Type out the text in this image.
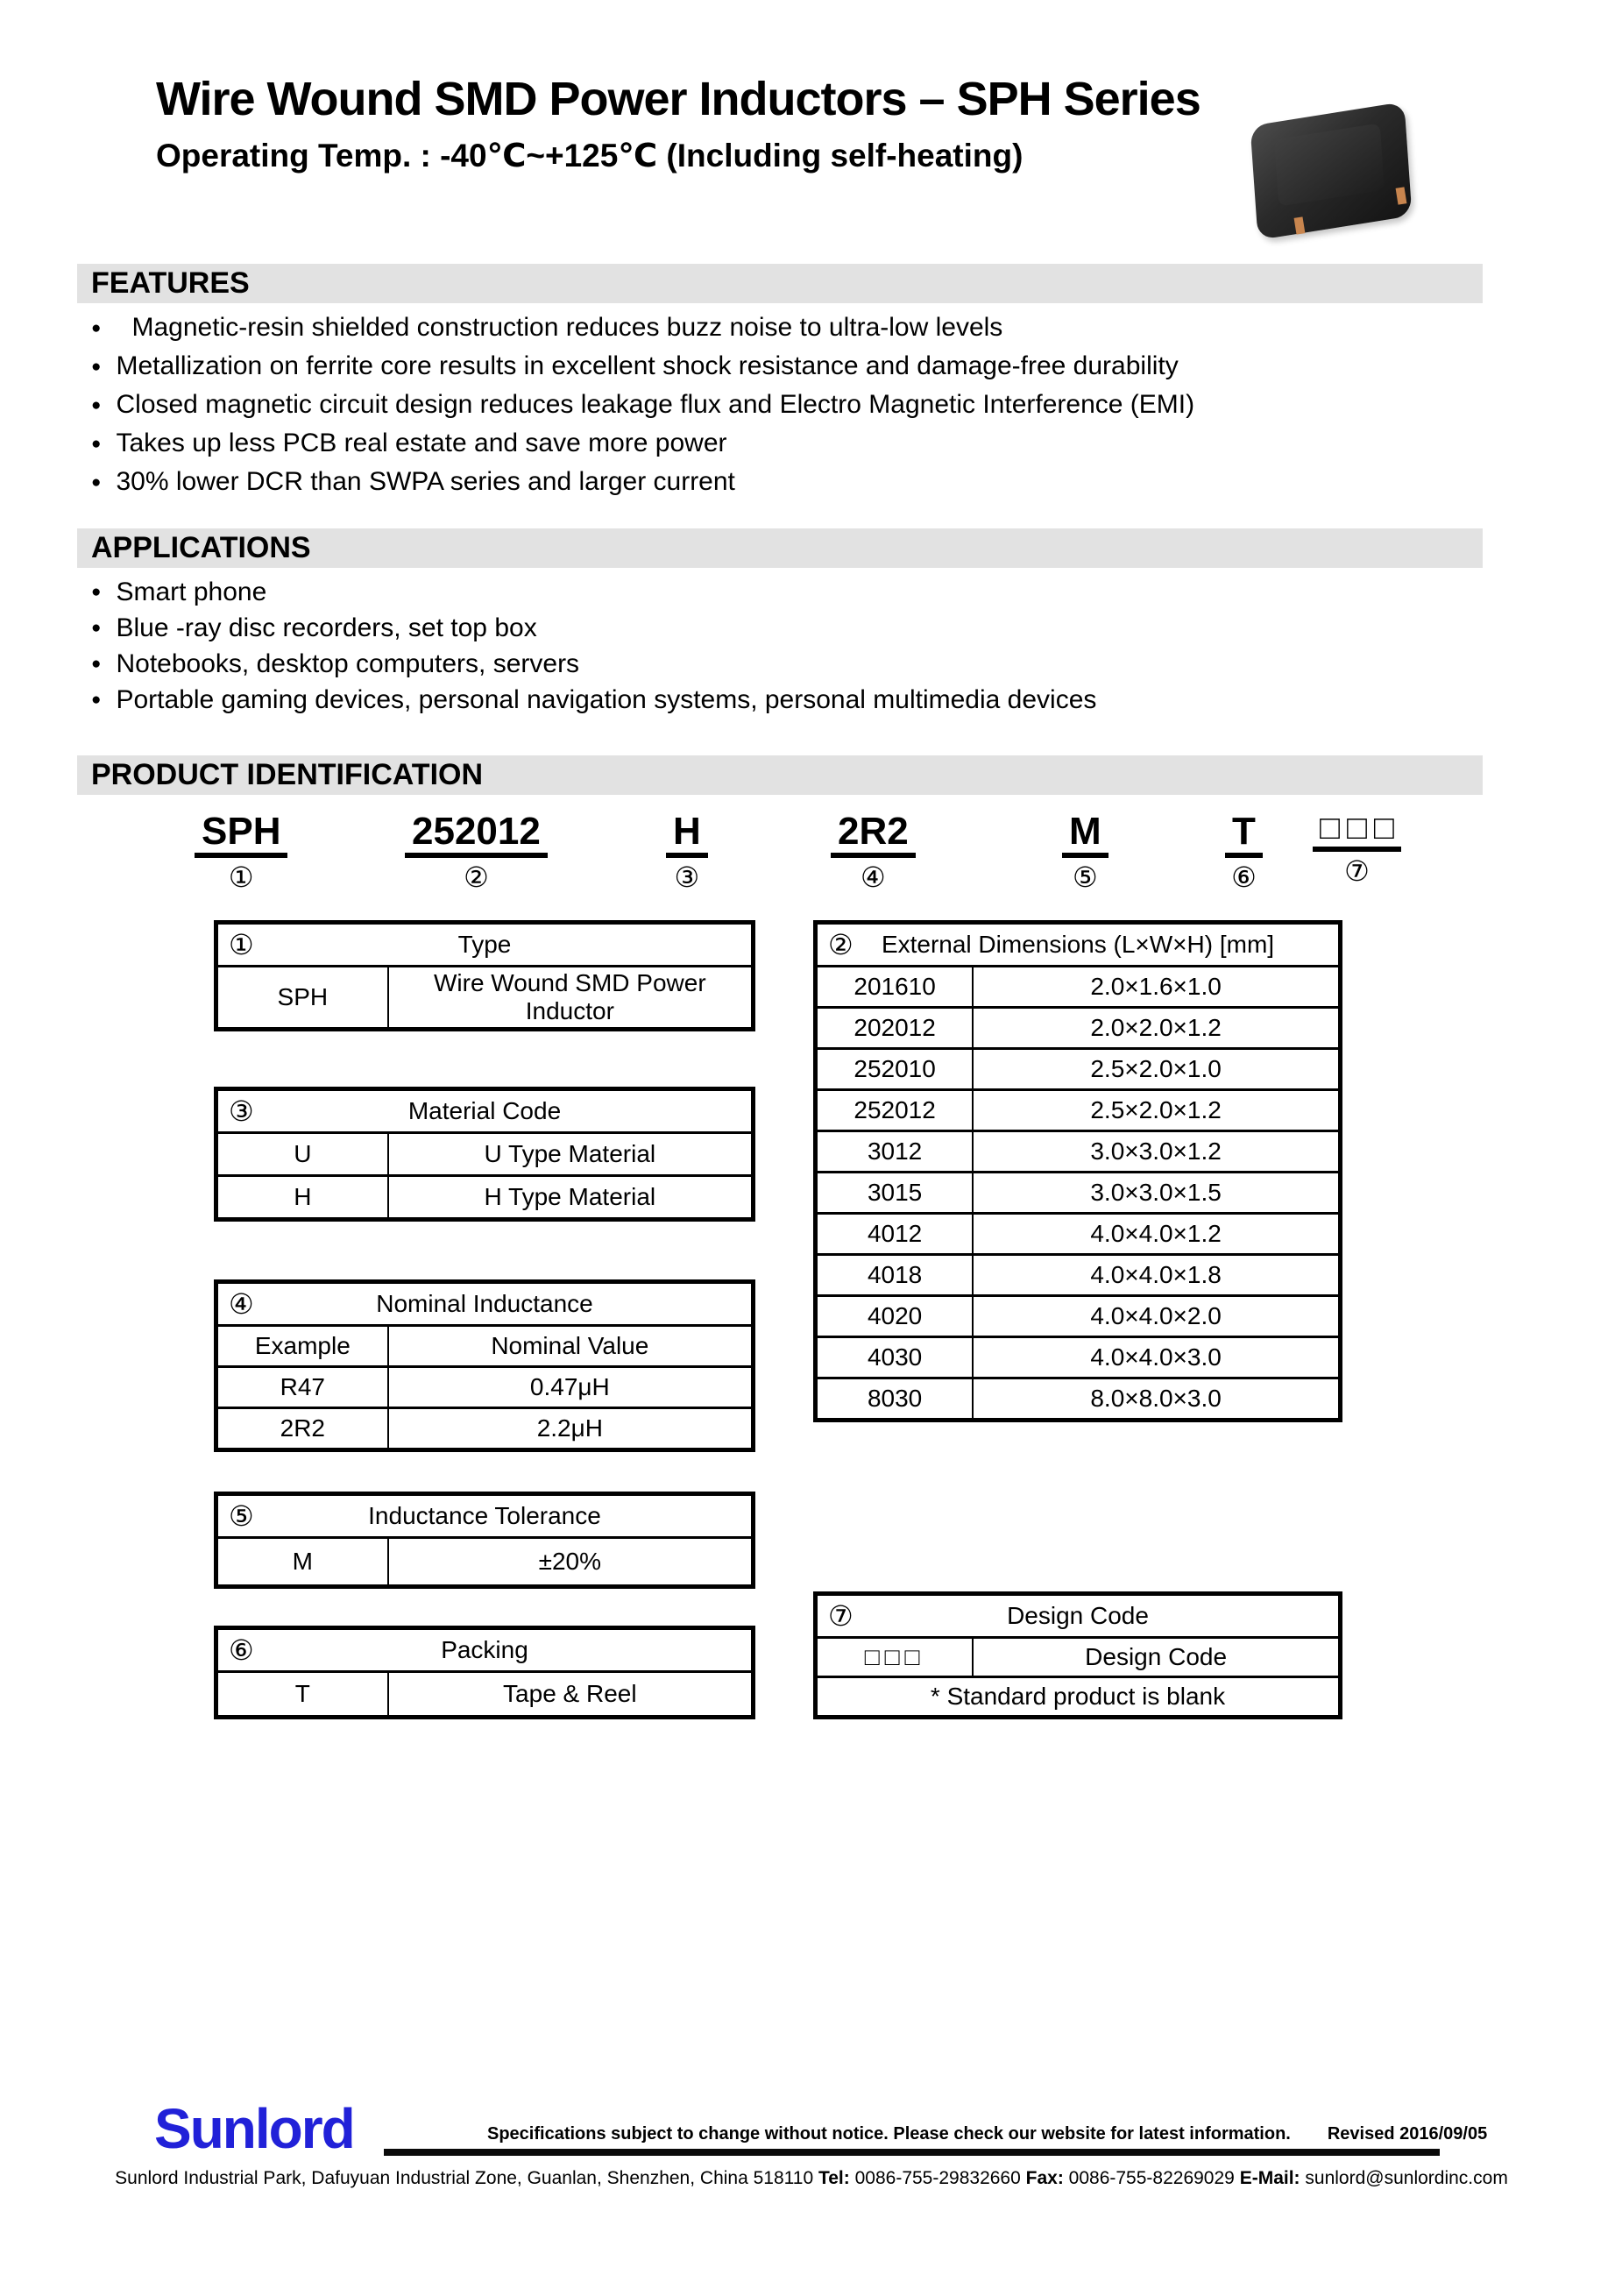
Wire Wound SMD Power Inductors – SPH Series
Operating Temp. : -40℃~+125℃ (Including self-heating)
FEATURES
●	Magnetic-resin shielded construction reduces buzz noise to ultra-low levels
● Metallization on ferrite core results in excellent shock resistance and damage-free durability
● Closed magnetic circuit design reduces leakage flux and Electro Magnetic Interference (EMI)
● Takes up less PCB real estate and save more power
● 30% lower DCR than SWPA series and larger current
APPLICATIONS
● Smart phone
● Blue -ray disc recorders, set top box
● Notebooks, desktop computers, servers
● Portable gaming devices, personal navigation systems, personal multimedia devices
PRODUCT IDENTIFICATION
SPH
①
252012
②
H
③
2R2
④
M
⑤
T
⑥
□□□
⑦
①	Type
SPH	Wire Wound SMD Power Inductor
③ Material Code	
U	U Type Material
H	H Type Material
④ Nominal Inductance	
Example	Nominal Value
R47	0.47μH
2R2	2.2μH
⑤	Inductance Tolerance
M	±20%
⑥	Packing
T	Tape & Reel
② External Dimensions (L×W×H) [mm]	
201610	2.0×1.6×1.0
202012	2.0×2.0×1.2
252010	2.5×2.0×1.0
252012	2.5×2.0×1.2
3012	3.0×3.0×1.2
3015	3.0×3.0×1.5
4012	4.0×4.0×1.2
4018	4.0×4.0×1.8
4020	4.0×4.0×2.0
4030	4.0×4.0×3.0
8030	8.0×8.0×3.0
⑦	Design Code
□□□	Design Code
* Standard product is blank
Sunlord	Specifications subject to change without notice. Please check our website for latest information. Revised 2016/09/05
Sunlord Industrial Park, Dafuyuan Industrial Zone, Guanlan, Shenzhen, China 518110 Tel: 0086-755-29832660 Fax: 0086-755-82269029 E-Mail: sunlord@sunlordinc.com
